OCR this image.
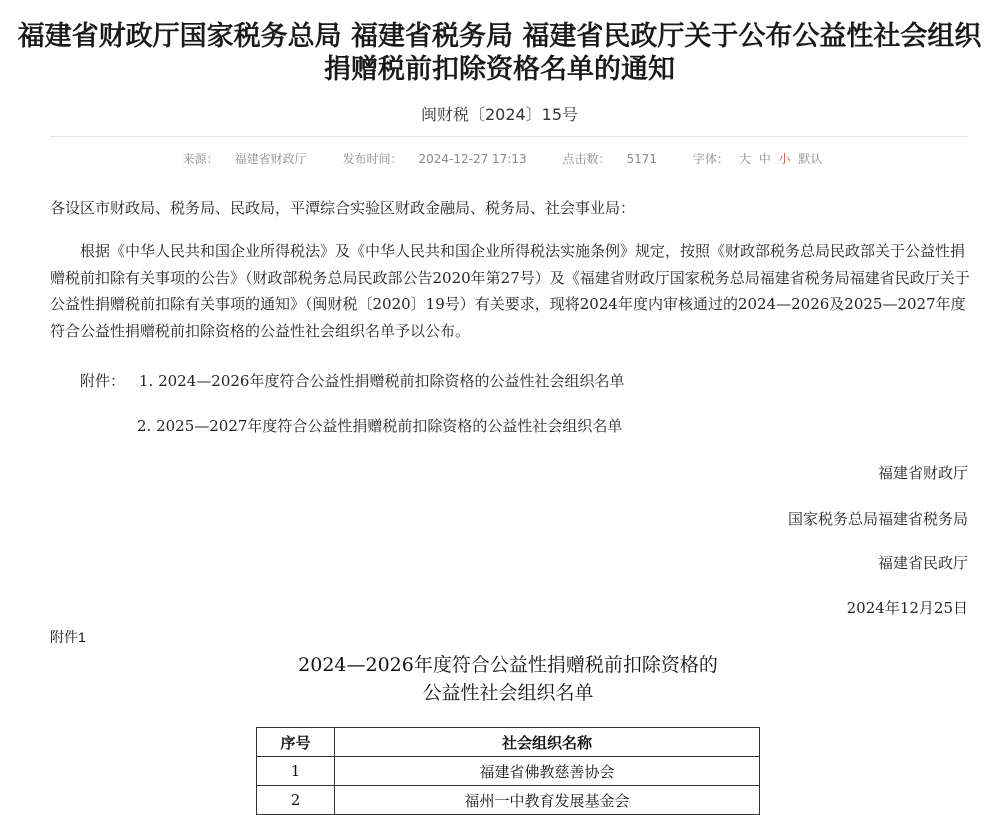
福建省财政厅国家税务总局 福建省税务局 福建省民政厅关于公布公益性社会组织
捐赠税前扣除资格名单的通知
闽财税〔2024〕15号
来源： 福建省财政厅	发布时间： 2024-12-27 17:13	点击数： 5171	字体： 大 中 小 默认
各设区市财政局、税务局、民政局，平潭综合实验区财政金融局、税务局、社会事业局：
根据《中华人民共和国企业所得税法》及《中华人民共和国企业所得税法实施条例》规定，按照《财政部税务总局民政部关于公益性捐赠税前扣除有关事项的公告》（财政部税务总局民政部公告2020年第27号）及《福建省财政厅国家税务总局福建省税务局福建省民政厅关于公益性捐赠税前扣除有关事项的通知》（闽财税〔2020〕19号）有关要求，现将2024年度内审核通过的2024—2026及2025—2027年度符合公益性捐赠税前扣除资格的公益性社会组织名单予以公布。
附件： 1. 2024—2026年度符合公益性捐赠税前扣除资格的公益性社会组织名单
2. 2025—2027年度符合公益性捐赠税前扣除资格的公益性社会组织名单
福建省财政厅
国家税务总局福建省税务局
福建省民政厅
2024年12月25日
附件1
2024—2026年度符合公益性捐赠税前扣除资格的
公益性社会组织名单
序号	社会组织名称
1	福建省佛教慈善协会
2	福州一中教育发展基金会
